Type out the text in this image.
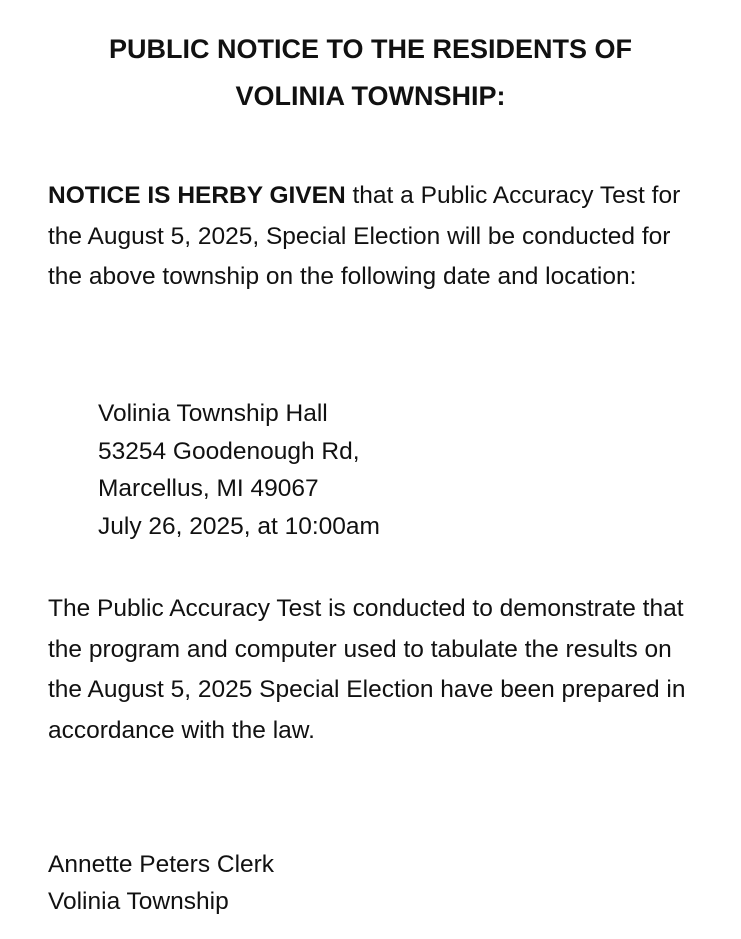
PUBLIC NOTICE TO THE RESIDENTS OF
VOLINIA TOWNSHIP:

NOTICE IS HERBY GIVEN that a Public Accuracy Test for the August 5, 2025, Special Election will be conducted for the above township on the following date and location:

Volinia Township Hall
53254 Goodenough Rd,
Marcellus, MI 49067
July 26, 2025, at 10:00am

The Public Accuracy Test is conducted to demonstrate that the program and computer used to tabulate the results on the August 5, 2025 Special Election have been prepared in accordance with the law.

Annette Peters Clerk
Volinia Township
